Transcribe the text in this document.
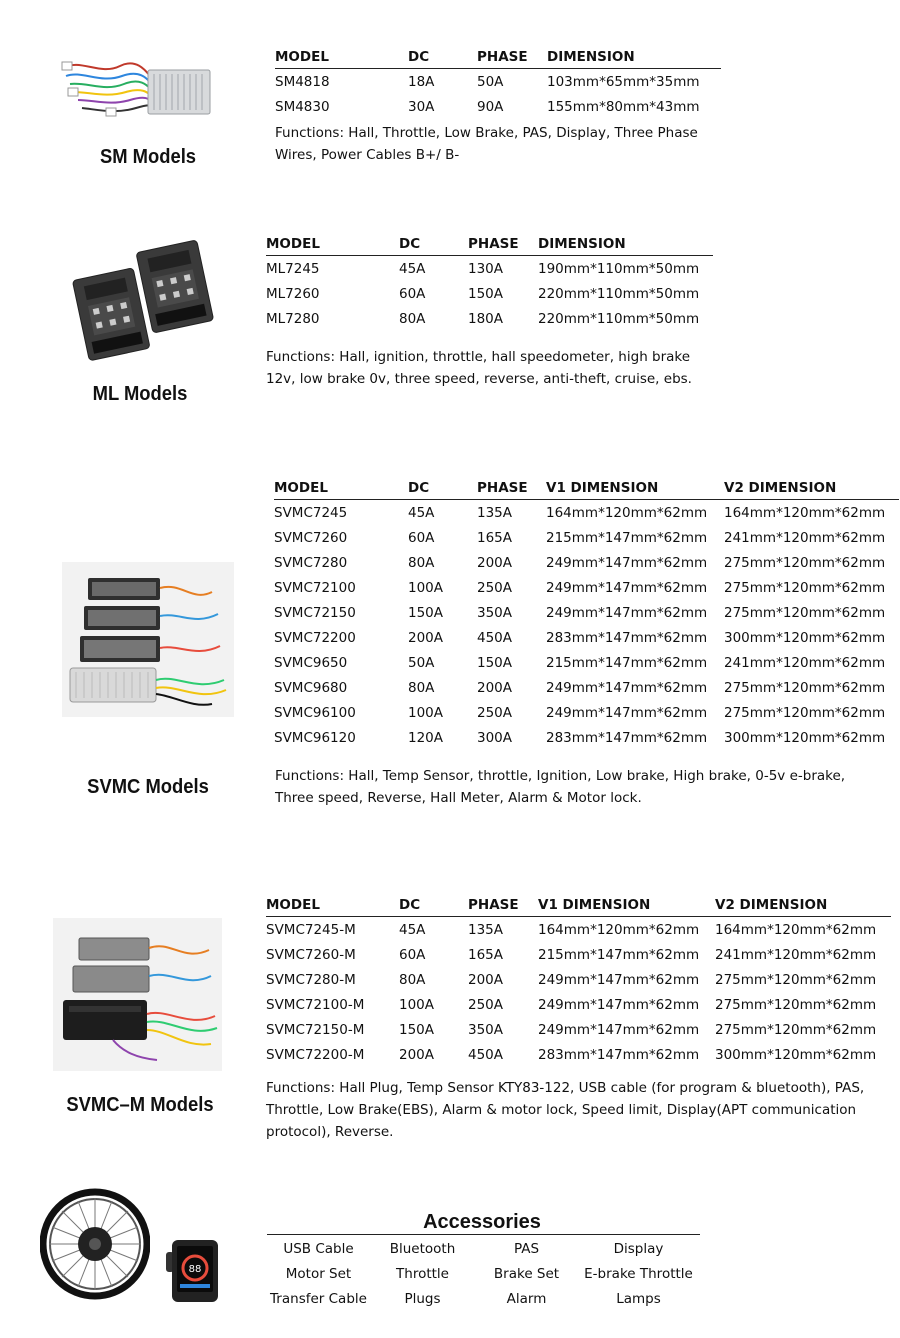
SM Models
MODEL	DC	PHASE	DIMENSION
SM4818	18A	50A	103mm*65mm*35mm
SM4830	30A	90A	155mm*80mm*43mm
Functions: Hall, Throttle, Low Brake, PAS, Display, Three Phase
Wires, Power Cables B+/ B-
ML Models
MODEL	DC	PHASE	DIMENSION
ML7245	45A	130A	190mm*110mm*50mm
ML7260	60A	150A	220mm*110mm*50mm
ML7280	80A	180A	220mm*110mm*50mm
Functions: Hall, ignition, throttle, hall speedometer, high brake
12v, low brake 0v, three speed, reverse, anti-theft, cruise, ebs.
SVMC Models
MODEL	DC	PHASE	V1 DIMENSION	V2 DIMENSION
SVMC7245	45A	135A	164mm*120mm*62mm	164mm*120mm*62mm
SVMC7260	60A	165A	215mm*147mm*62mm	241mm*120mm*62mm
SVMC7280	80A	200A	249mm*147mm*62mm	275mm*120mm*62mm
SVMC72100	100A	250A	249mm*147mm*62mm	275mm*120mm*62mm
SVMC72150	150A	350A	249mm*147mm*62mm	275mm*120mm*62mm
SVMC72200	200A	450A	283mm*147mm*62mm	300mm*120mm*62mm
SVMC9650	50A	150A	215mm*147mm*62mm	241mm*120mm*62mm
SVMC9680	80A	200A	249mm*147mm*62mm	275mm*120mm*62mm
SVMC96100	100A	250A	249mm*147mm*62mm	275mm*120mm*62mm
SVMC96120	120A	300A	283mm*147mm*62mm	300mm*120mm*62mm
Functions: Hall, Temp Sensor, throttle, Ignition, Low brake, High brake, 0-5v e-brake,
Three speed, Reverse, Hall Meter, Alarm & Motor lock.
SVMC–M Models
MODEL	DC	PHASE	V1 DIMENSION	V2 DIMENSION
SVMC7245-M	45A	135A	164mm*120mm*62mm	164mm*120mm*62mm
SVMC7260-M	60A	165A	215mm*147mm*62mm	241mm*120mm*62mm
SVMC7280-M	80A	200A	249mm*147mm*62mm	275mm*120mm*62mm
SVMC72100-M	100A	250A	249mm*147mm*62mm	275mm*120mm*62mm
SVMC72150-M	150A	350A	249mm*147mm*62mm	275mm*120mm*62mm
SVMC72200-M	200A	450A	283mm*147mm*62mm	300mm*120mm*62mm
Functions: Hall Plug, Temp Sensor KTY83-122, USB cable (for program & bluetooth), PAS,
Throttle, Low Brake(EBS), Alarm & motor lock, Speed limit, Display(APT communication
protocol), Reverse.
88
Accessories
USB Cable	Bluetooth	PAS	Display
Motor Set	Throttle	Brake Set	E-brake Throttle
Transfer Cable	Plugs	Alarm	Lamps
